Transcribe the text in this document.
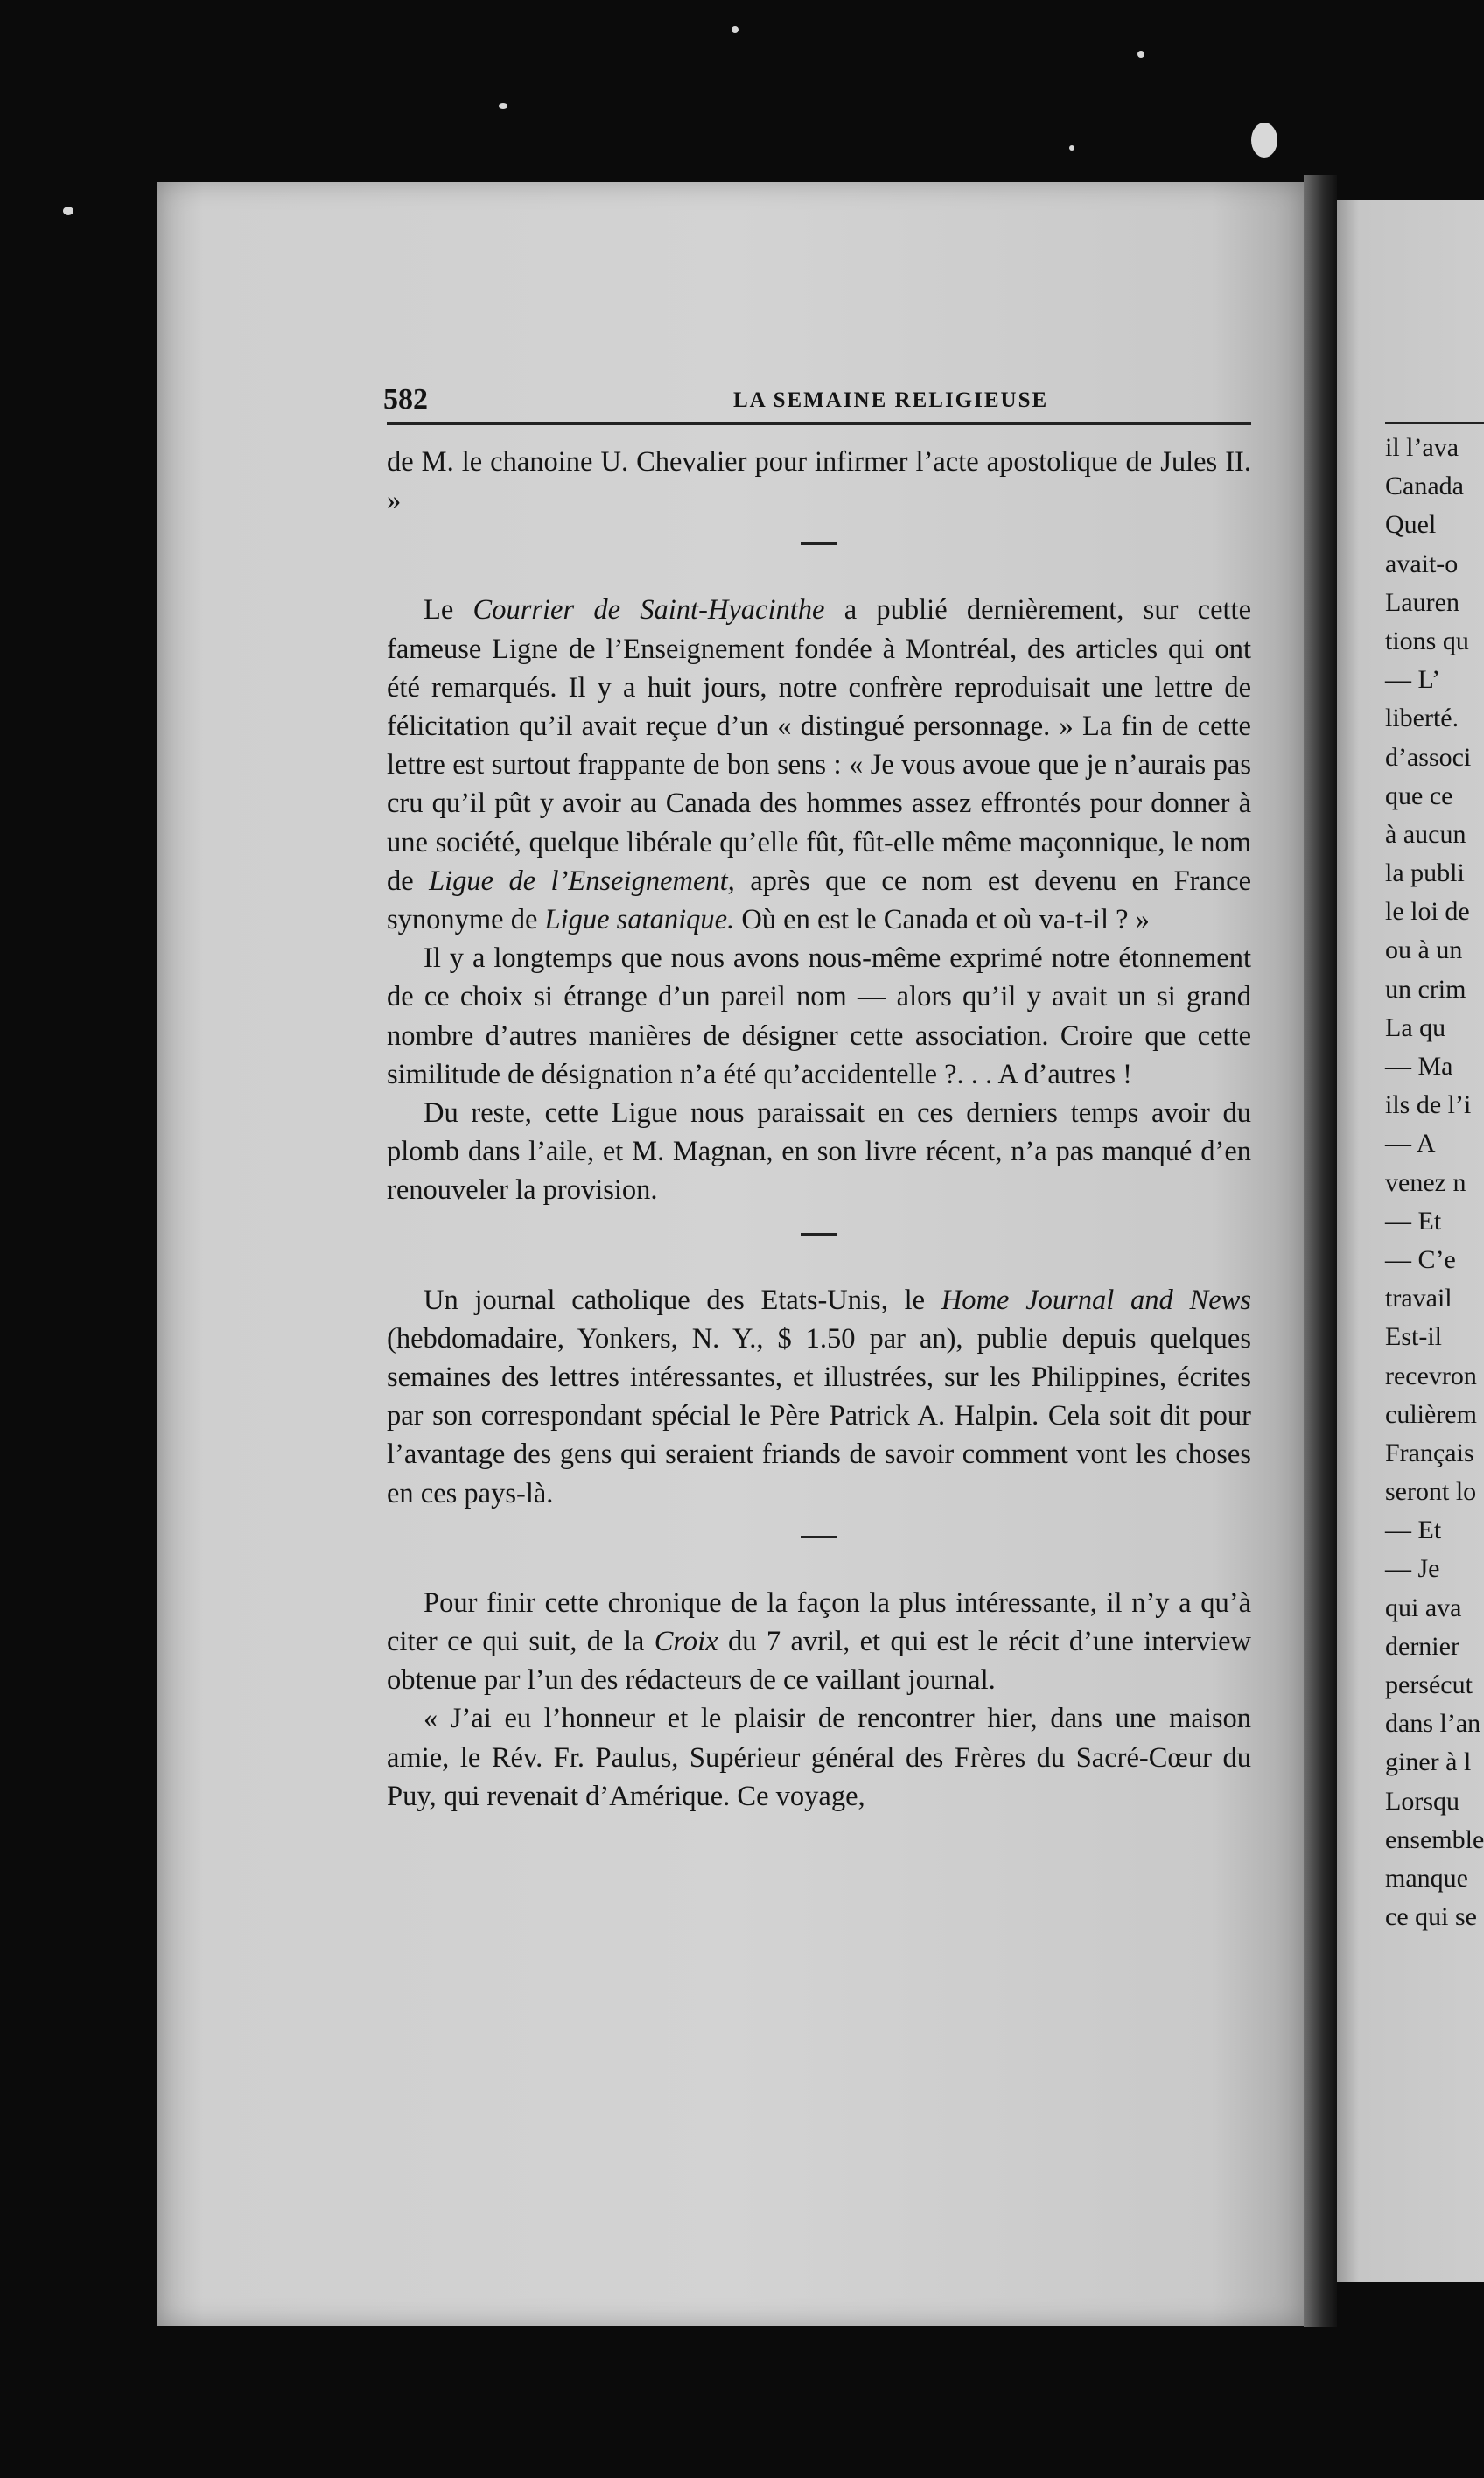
582	LA SEMAINE RELIGIEUSE

de M. le chanoine U. Chevalier pour infirmer l’acte apostolique de Jules II. »

Le Courrier de Saint-Hyacinthe a publié dernièrement, sur cette fameuse Ligne de l’Enseignement fondée à Montréal, des articles qui ont été remarqués. Il y a huit jours, notre confrère reproduisait une lettre de félicitation qu’il avait reçue d’un « distingué personnage. » La fin de cette lettre est surtout frappante de bon sens : « Je vous avoue que je n’aurais pas cru qu’il pût y avoir au Canada des hommes assez effrontés pour donner à une société, quelque libérale qu’elle fût, fût-elle même maçonnique, le nom de Ligue de l’Enseignement, après que ce nom est devenu en France synonyme de Ligue satanique. Où en est le Canada et où va-t-il ? »

Il y a longtemps que nous avons nous-même exprimé notre étonnement de ce choix si étrange d’un pareil nom — alors qu’il y avait un si grand nombre d’autres manières de désigner cette association. Croire que cette similitude de désignation n’a été qu’accidentelle ?. . . A d’autres !

Du reste, cette Ligue nous paraissait en ces derniers temps avoir du plomb dans l’aile, et M. Magnan, en son livre récent, n’a pas manqué d’en renouveler la provision.

Un journal catholique des Etats-Unis, le Home Journal and News (hebdomadaire, Yonkers, N. Y., $ 1.50 par an), publie depuis quelques semaines des lettres intéressantes, et illustrées, sur les Philippines, écrites par son correspondant spécial le Père Patrick A. Halpin. Cela soit dit pour l’avantage des gens qui seraient friands de savoir comment vont les choses en ces pays-là.

Pour finir cette chronique de la façon la plus intéressante, il n’y a qu’à citer ce qui suit, de la Croix du 7 avril, et qui est le récit d’une interview obtenue par l’un des rédacteurs de ce vaillant journal.

« J’ai eu l’honneur et le plaisir de rencontrer hier, dans une maison amie, le Rév. Fr. Paulus, Supérieur général des Frères du Sacré-Cœur du Puy, qui revenait d’Amérique. Ce voyage,

il l’ava
Canada
Quel
avait-o
Lauren
tions qu
— L’
liberté.
d’associ
que ce
à aucun
la publi
le loi de
ou à un
un crim
La qu
— Ma
ils de l’i
— A
venez n
— Et
— C’e
travail
Est-il
recevron
culièrem
Français
seront lo
— Et
— Je
qui ava
dernier
persécut
dans l’an
giner à l
Lorsqu
ensemble
manque
ce qui se
